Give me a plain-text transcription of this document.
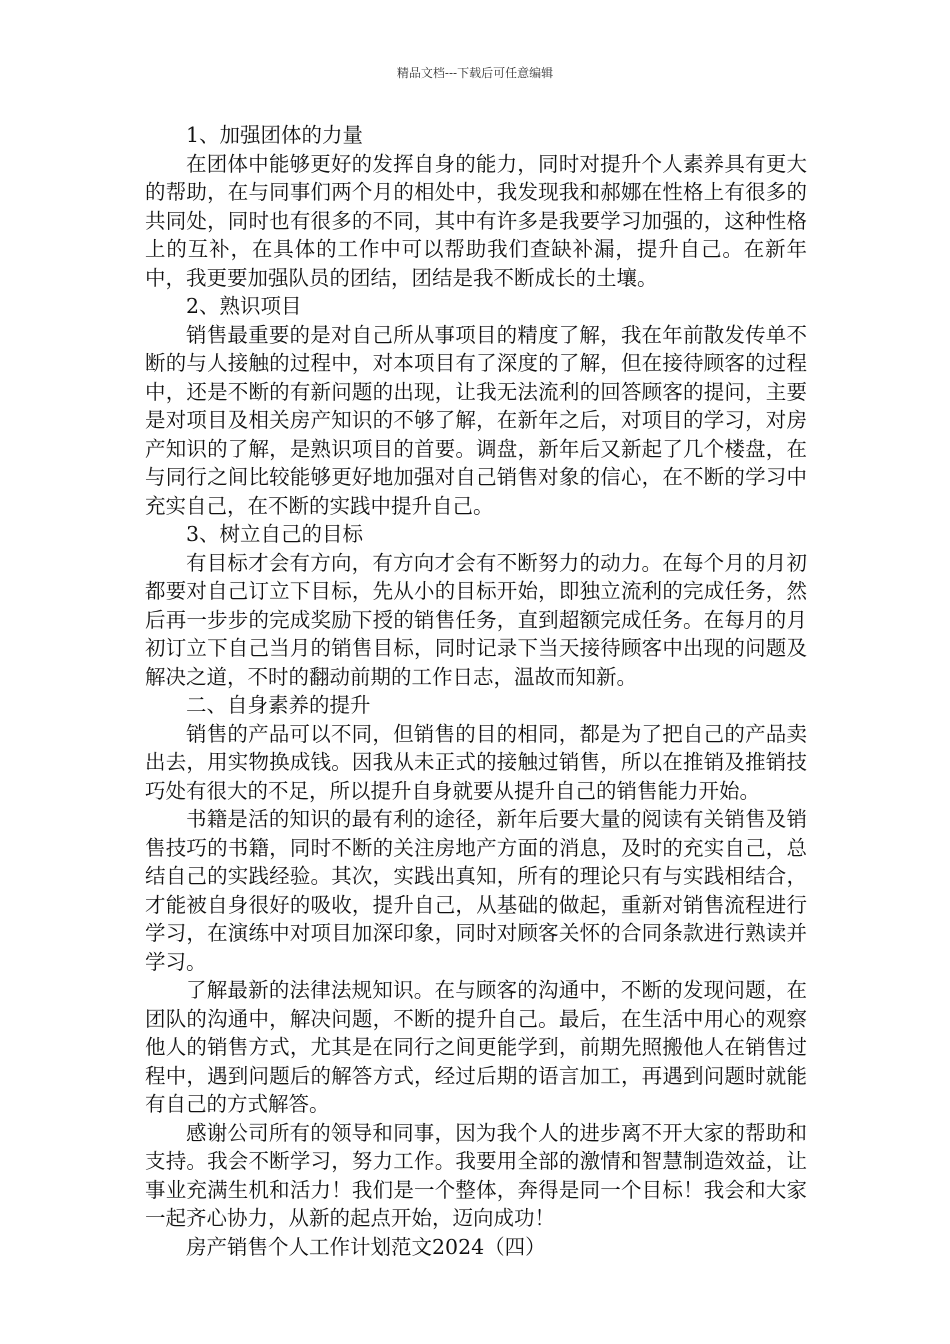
精品文档---下载后可任意编辑

1、加强团体的力量

在团体中能够更好的发挥自身的能力，同时对提升个人素养具有更大的帮助，在与同事们两个月的相处中，我发现我和郝娜在性格上有很多的共同处，同时也有很多的不同，其中有许多是我要学习加强的，这种性格上的互补，在具体的工作中可以帮助我们查缺补漏，提升自己。在新年中，我更要加强队员的团结，团结是我不断成长的土壤。

2、熟识项目

销售最重要的是对自己所从事项目的精度了解，我在年前散发传单不断的与人接触的过程中，对本项目有了深度的了解，但在接待顾客的过程中，还是不断的有新问题的出现，让我无法流利的回答顾客的提问，主要是对项目及相关房产知识的不够了解，在新年之后，对项目的学习，对房产知识的了解，是熟识项目的首要。调盘，新年后又新起了几个楼盘，在与同行之间比较能够更好地加强对自己销售对象的信心，在不断的学习中充实自己，在不断的实践中提升自己。

3、树立自己的目标

有目标才会有方向，有方向才会有不断努力的动力。在每个月的月初都要对自己订立下目标，先从小的目标开始，即独立流利的完成任务，然后再一步步的完成奖励下授的销售任务，直到超额完成任务。在每月的月初订立下自己当月的销售目标，同时记录下当天接待顾客中出现的问题及解决之道，不时的翻动前期的工作日志，温故而知新。

二、自身素养的提升

销售的产品可以不同，但销售的目的相同，都是为了把自己的产品卖出去，用实物换成钱。因我从未正式的接触过销售，所以在推销及推销技巧处有很大的不足，所以提升自身就要从提升自己的销售能力开始。

书籍是活的知识的最有利的途径，新年后要大量的阅读有关销售及销售技巧的书籍，同时不断的关注房地产方面的消息，及时的充实自己，总结自己的实践经验。其次，实践出真知，所有的理论只有与实践相结合，才能被自身很好的吸收，提升自己，从基础的做起，重新对销售流程进行学习，在演练中对项目加深印象，同时对顾客关怀的合同条款进行熟读并学习。

了解最新的法律法规知识。在与顾客的沟通中，不断的发现问题，在团队的沟通中，解决问题，不断的提升自己。最后，在生活中用心的观察他人的销售方式，尤其是在同行之间更能学到，前期先照搬他人在销售过程中，遇到问题后的解答方式，经过后期的语言加工，再遇到问题时就能有自己的方式解答。

感谢公司所有的领导和同事，因为我个人的进步离不开大家的帮助和支持。我会不断学习，努力工作。我要用全部的激情和智慧制造效益，让事业充满生机和活力！我们是一个整体，奔得是同一个目标！我会和大家一起齐心协力，从新的起点开始，迈向成功！

房产销售个人工作计划范文2024（四）
